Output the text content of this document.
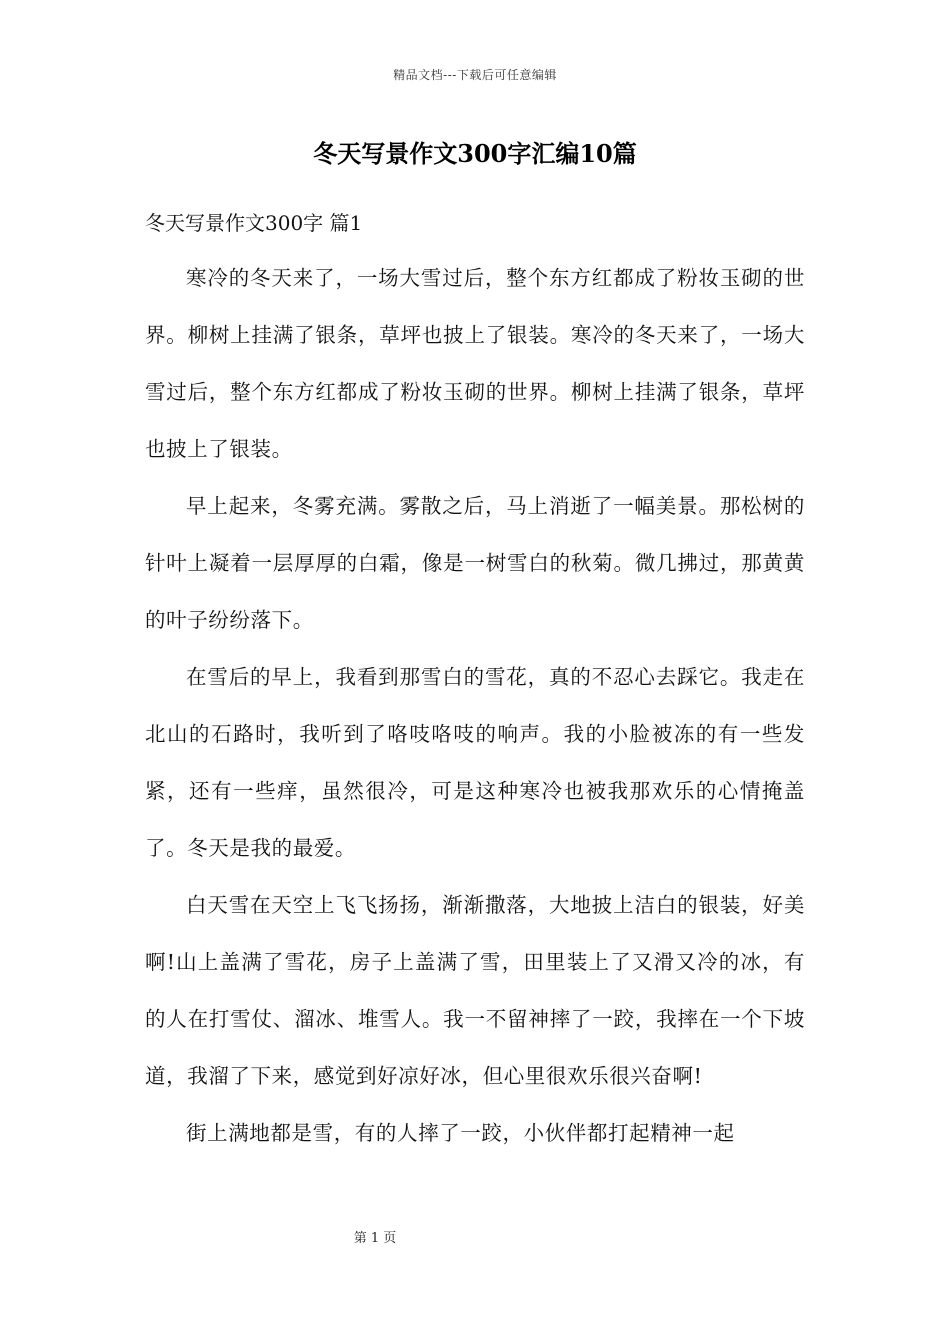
精品文档---下载后可任意编辑
冬天写景作文300字汇编10篇
冬天写景作文300字 篇1

寒冷的冬天来了，一场大雪过后，整个东方红都成了粉妆玉砌的世界。柳树上挂满了银条，草坪也披上了银装。寒冷的冬天来了，一场大雪过后，整个东方红都成了粉妆玉砌的世界。柳树上挂满了银条，草坪也披上了银装。

早上起来，冬雾充满。雾散之后，马上消逝了一幅美景。那松树的针叶上凝着一层厚厚的白霜，像是一树雪白的秋菊。微几拂过，那黄黄的叶子纷纷落下。

在雪后的早上，我看到那雪白的雪花，真的不忍心去踩它。我走在北山的石路时，我听到了咯吱咯吱的响声。我的小脸被冻的有一些发紧，还有一些痒，虽然很冷，可是这种寒冷也被我那欢乐的心情掩盖了。冬天是我的最爱。

白天雪在天空上飞飞扬扬，渐渐撒落，大地披上洁白的银装，好美啊!山上盖满了雪花，房子上盖满了雪，田里装上了又滑又冷的冰，有的人在打雪仗、溜冰、堆雪人。我一不留神摔了一跤，我摔在一个下坡道，我溜了下来，感觉到好凉好冰，但心里很欢乐很兴奋啊!

街上满地都是雪，有的人摔了一跤，小伙伴都打起精神一起

第 1 页
